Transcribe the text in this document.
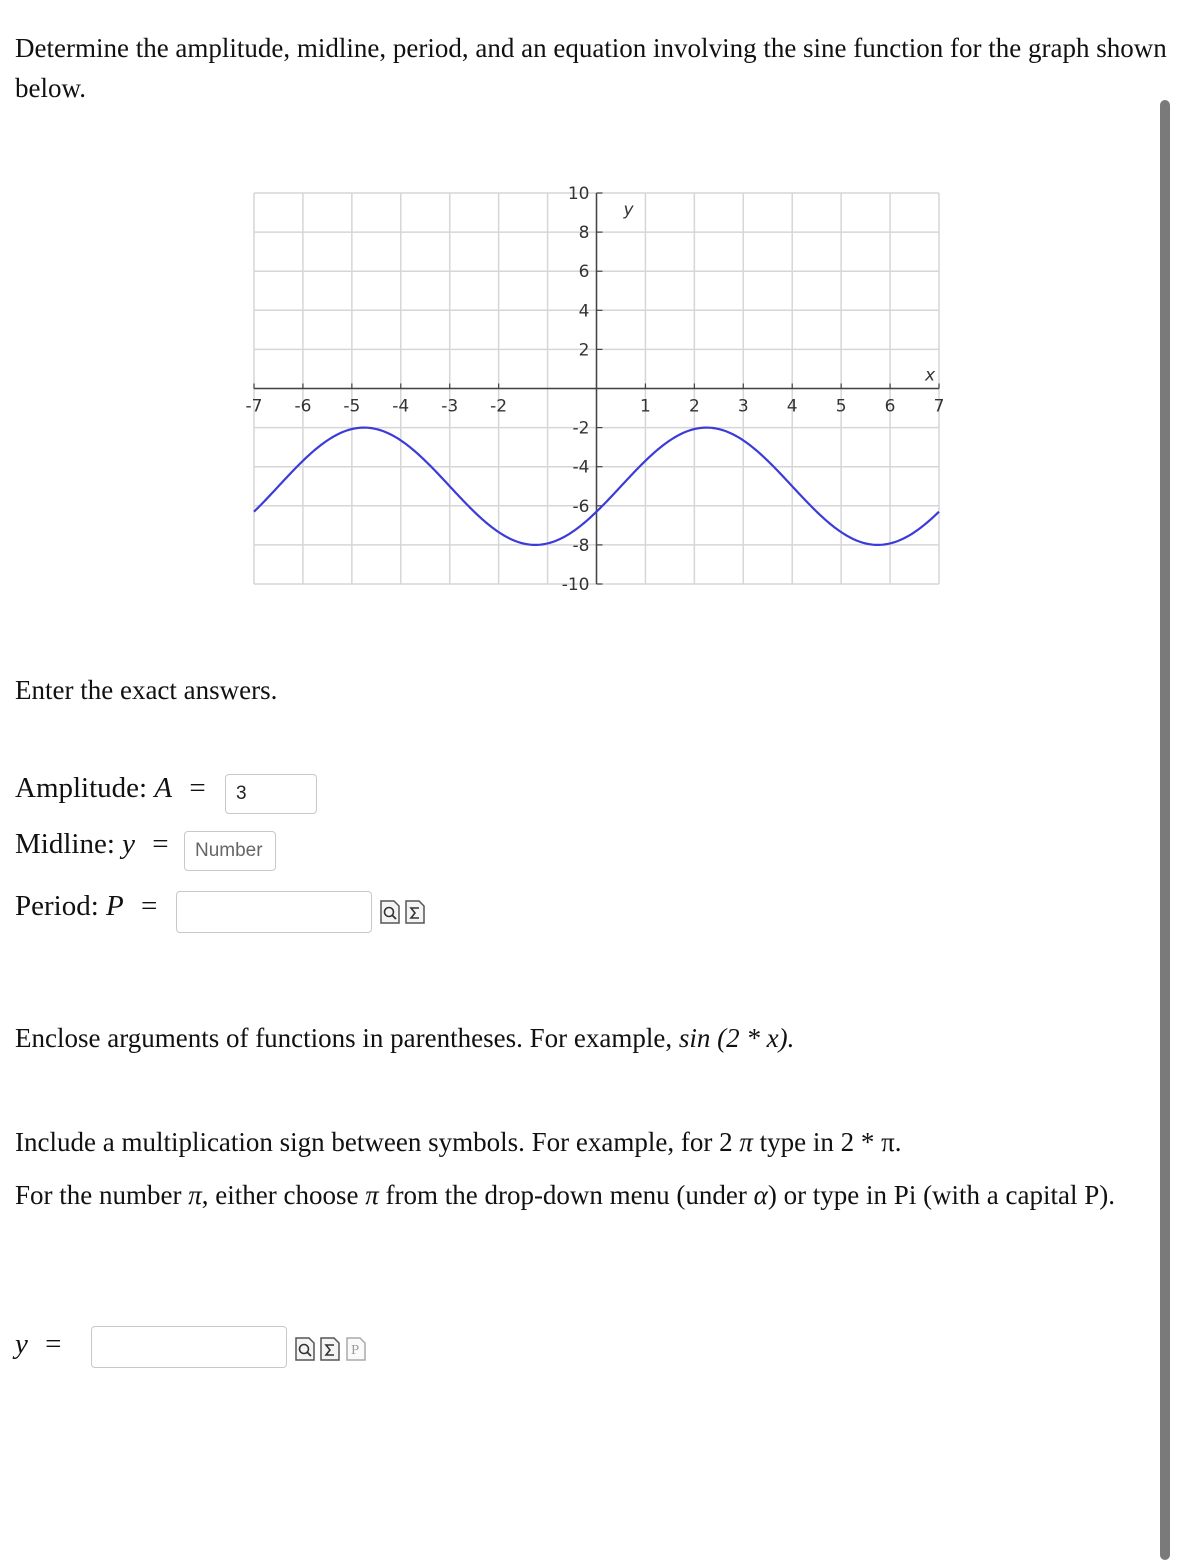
Determine the amplitude, midline, period, and an equation involving the sine function for the graph shown below.

-7 -6 -5 -4 -3 -2	1 2 3 4 5 6 7
10
8
6
4
2
-2
-4
-6
-8
-10
x
y

Enter the exact answers.

Amplitude: A =
3
Midline: y =
Number
Period: P =

Enclose arguments of functions in parentheses. For example, sin (2 * x).

Include a multiplication sign between symbols. For example, for 2 π type in 2 * π.

For the number π, either choose π from the drop-down menu (under α) or type in Pi (with a capital P).

y =	P
